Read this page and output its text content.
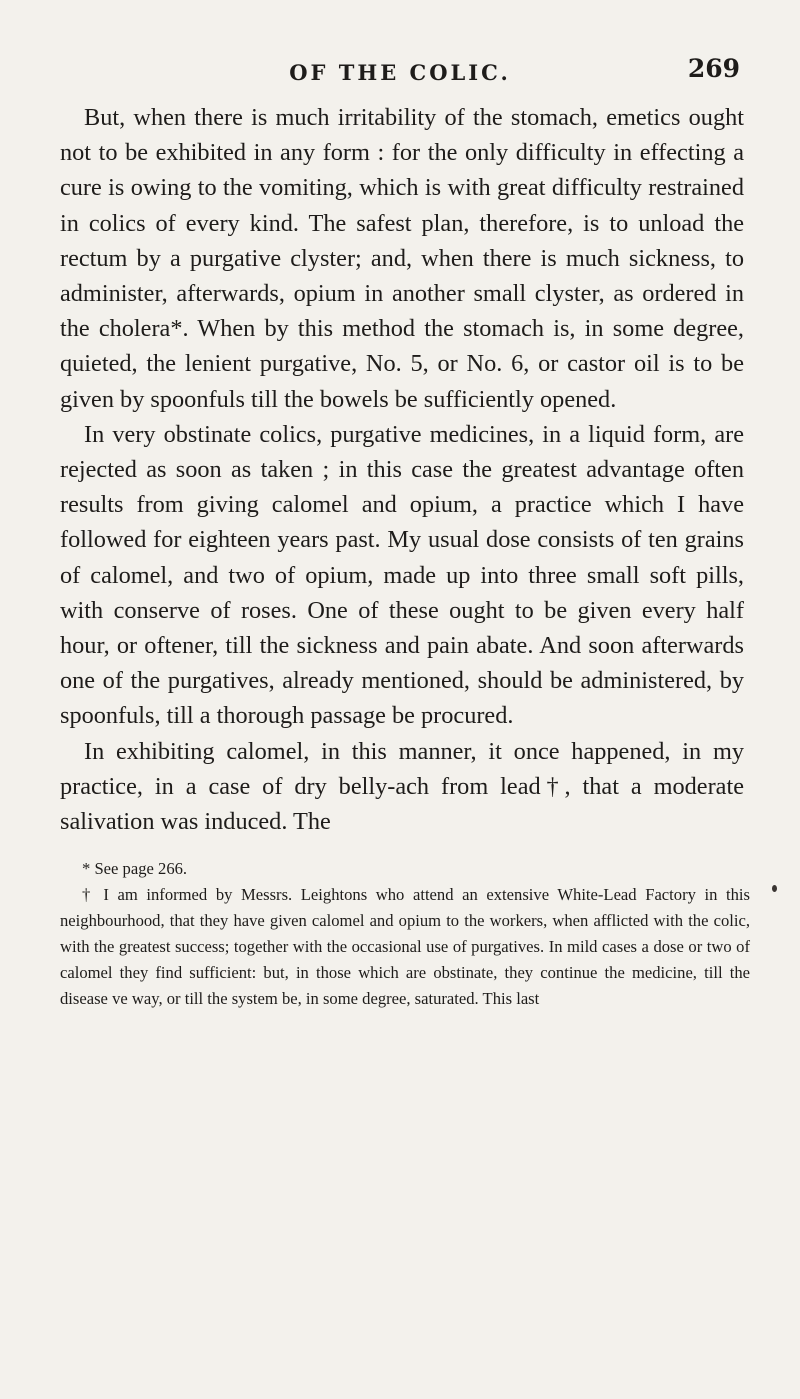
OF THE COLIC.	269

But, when there is much irritability of the stomach, emetics ought not to be exhibited in any form : for the only difficulty in effecting a cure is owing to the vomiting, which is with great difficulty restrained in colics of every kind. The safest plan, therefore, is to unload the rectum by a purgative clyster; and, when there is much sickness, to administer, afterwards, opium in another small clyster, as ordered in the cholera*. When by this method the stomach is, in some degree, quieted, the lenient purgative, No. 5, or No. 6, or castor oil is to be given by spoonfuls till the bowels be sufficiently opened.

In very obstinate colics, purgative medicines, in a liquid form, are rejected as soon as taken ; in this case the greatest advantage often results from giving calomel and opium, a practice which I have followed for eighteen years past. My usual dose consists of ten grains of calomel, and two of opium, made up into three small soft pills, with conserve of roses. One of these ought to be given every half hour, or oftener, till the sickness and pain abate. And soon afterwards one of the purgatives, already mentioned, should be administered, by spoonfuls, till a thorough passage be procured.

In exhibiting calomel, in this manner, it once happened, in my practice, in a case of dry belly-ach from lead†, that a moderate salivation was induced. The

* See page 266.

† I am informed by Messrs. Leightons who attend an extensive White-Lead Factory in this neighbourhood, that they have given calomel and opium to the workers, when afflicted with the colic, with the greatest success; together with the occasional use of purgatives. In mild cases a dose or two of calomel they find sufficient: but, in those which are obstinate, they continue the medicine, till the disease ve way, or till the system be, in some degree, saturated. This last
